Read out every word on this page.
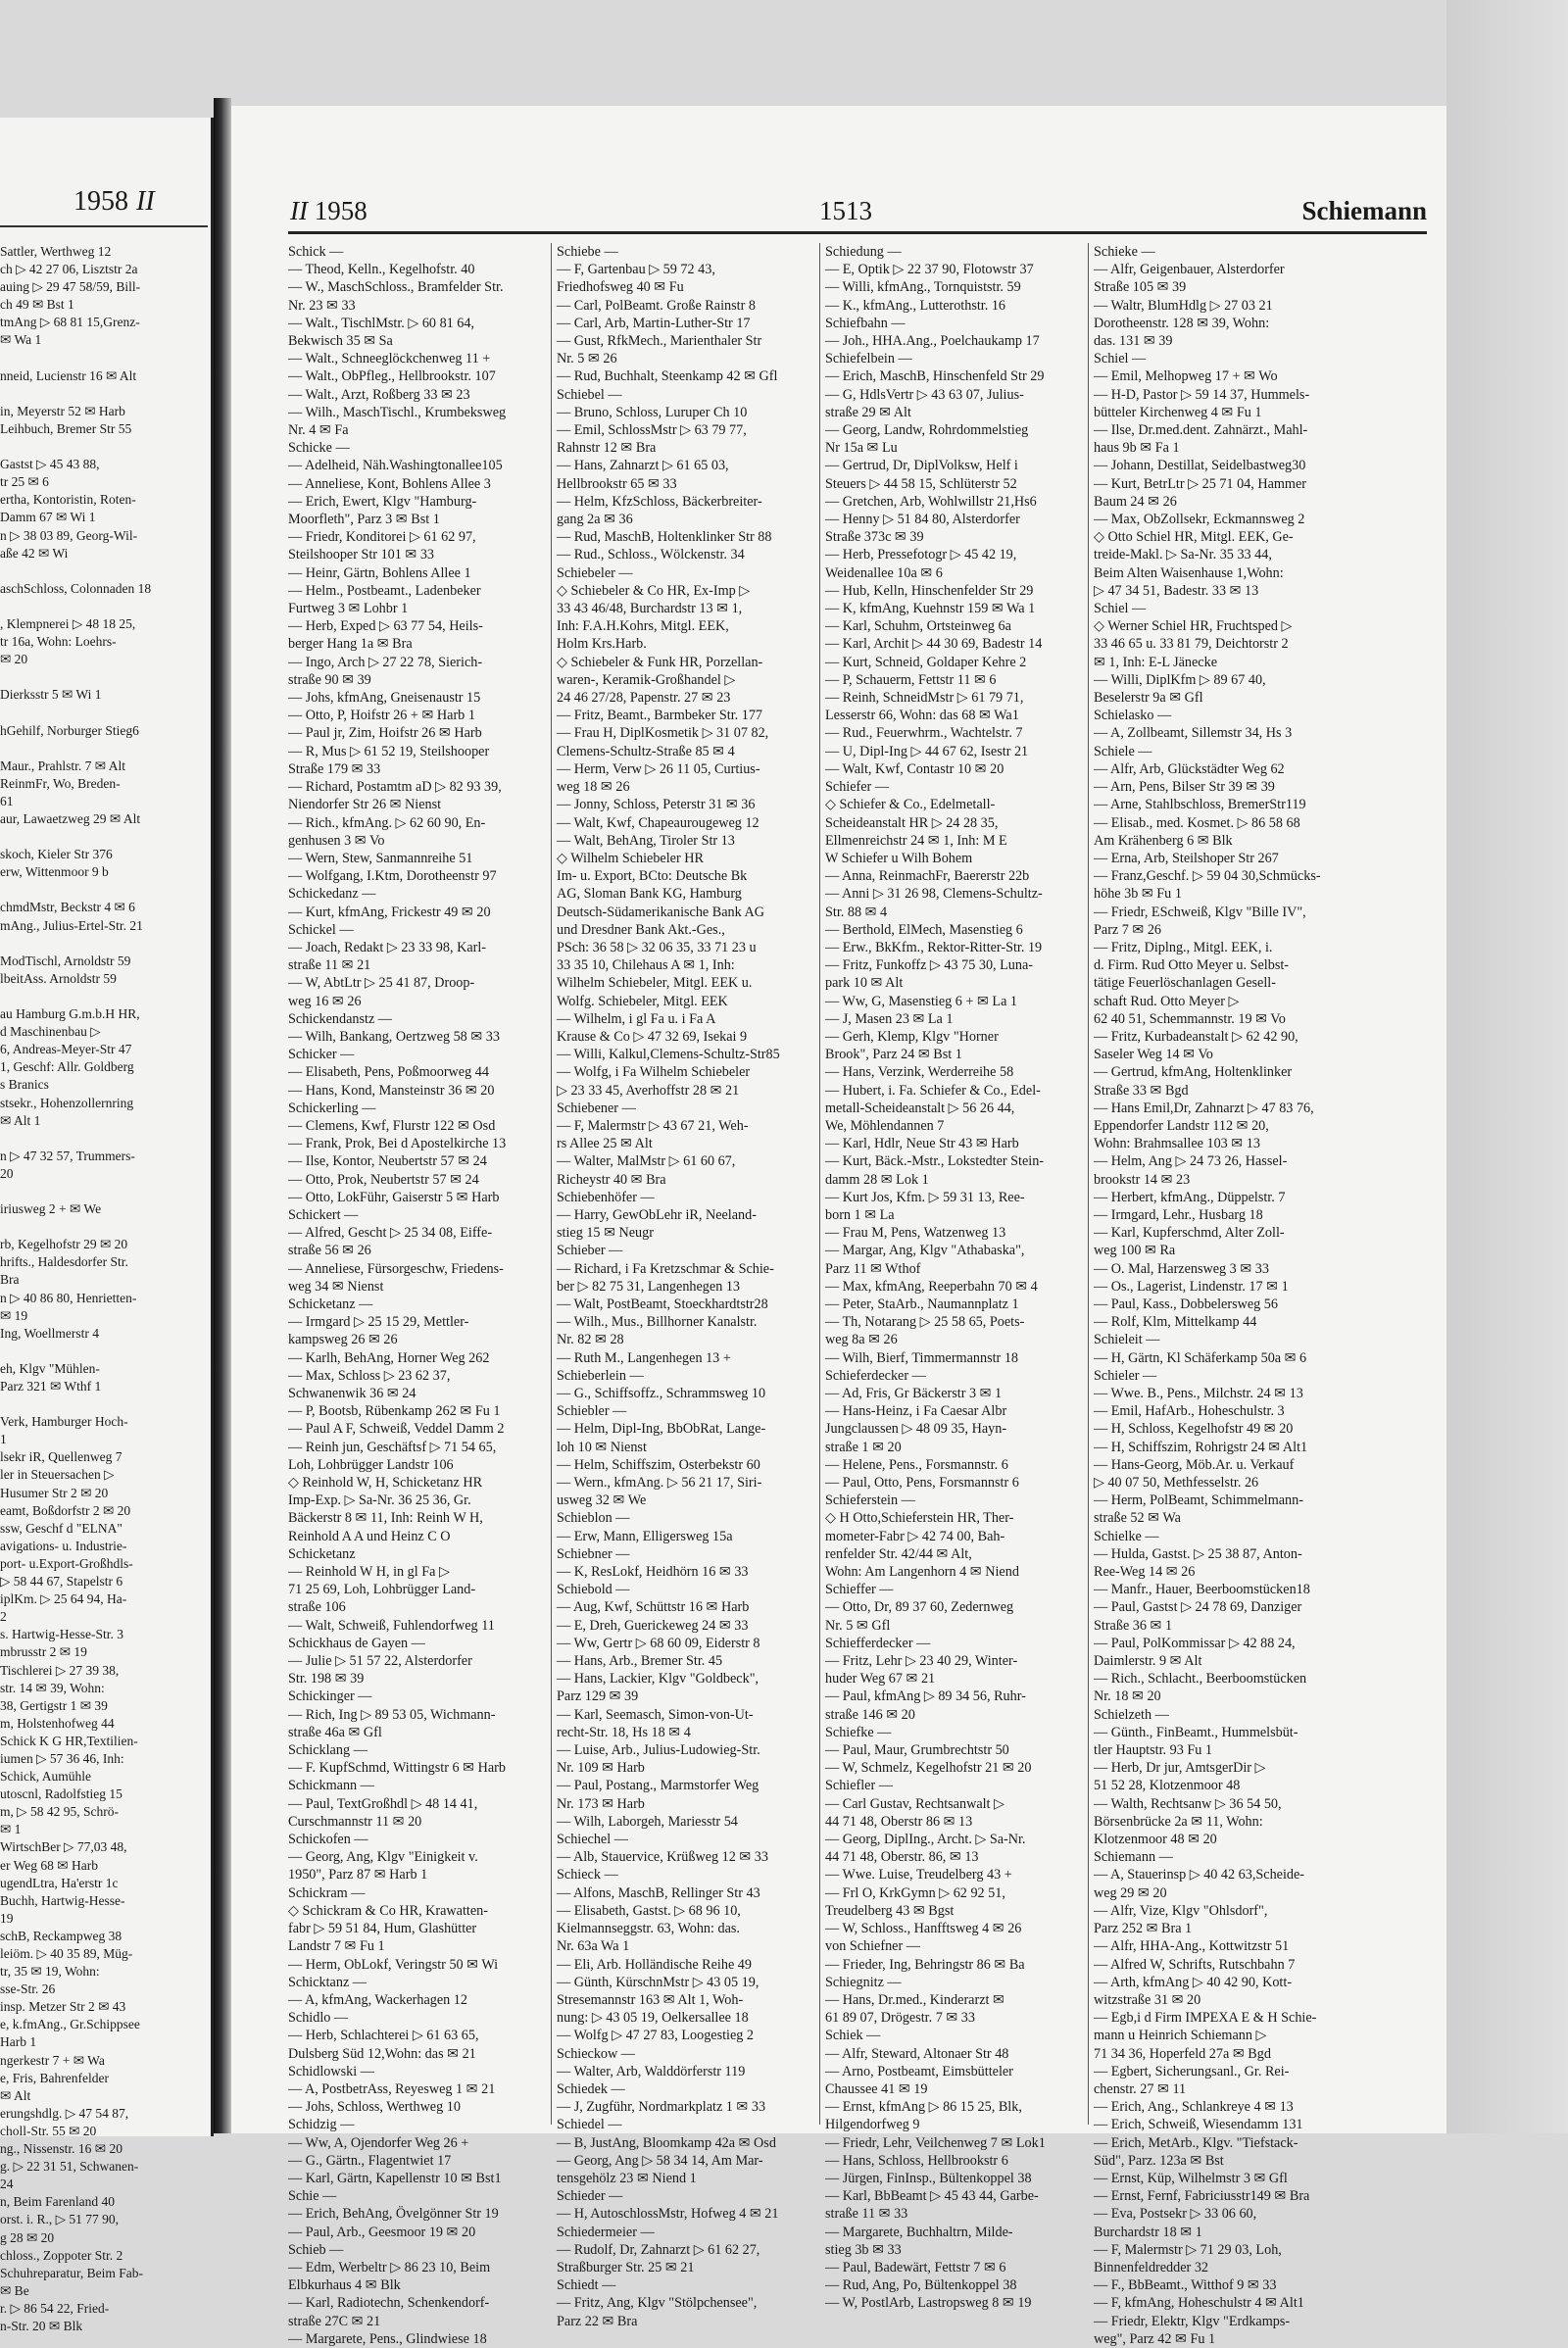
1958 II
Sattler, Werthweg 12
ch ▷ 42 27 06, Lisztstr 2a
auing ▷ 29 47 58/59, Bill-
ch 49 ✉ Bst 1
tmAng ▷ 68 81 15,Grenz-
✉ Wa 1

nneid, Lucienstr 16 ✉ Alt

in, Meyerstr 52 ✉ Harb
Leihbuch, Bremer Str 55

Gastst ▷ 45 43 88,
tr 25 ✉ 6
ertha, Kontoristin, Roten-
Damm 67 ✉ Wi 1
n ▷ 38 03 89, Georg-Wil-
aße 42 ✉ Wi

aschSchloss, Colonnaden 18

, Klempnerei ▷ 48 18 25,
tr 16a, Wohn: Loehrs-
✉ 20

Dierksstr 5 ✉ Wi 1

hGehilf, Norburger Stieg6

Maur., Prahlstr. 7 ✉ Alt
ReinmFr, Wo, Breden-
61
aur, Lawaetzweg 29 ✉ Alt

skoch, Kieler Str 376
erw, Wittenmoor 9 b

chmdMstr, Beckstr 4 ✉ 6
mAng., Julius-Ertel-Str. 21

ModTischl, Arnoldstr 59
lbeitAss. Arnoldstr 59

au Hamburg G.m.b.H HR,
d Maschinenbau ▷
6, Andreas-Meyer-Str 47
1, Geschf: Allr. Goldberg
s Branics
stsekr., Hohenzollernring
✉ Alt 1

n ▷ 47 32 57, Trummers-
20

iriusweg 2 + ✉ We

rb, Kegelhofstr 29 ✉ 20
hrifts., Haldesdorfer Str.
Bra
n ▷ 40 86 80, Henrietten-
✉ 19
Ing, Woellmerstr 4

eh, Klgv "Mühlen-
Parz 321 ✉ Wthf 1

Verk, Hamburger Hoch-
1
lsekr iR, Quellenweg 7
ler in Steuersachen ▷
Husumer Str 2 ✉ 20
eamt, Boßdorfstr 2 ✉ 20
ssw, Geschf d "ELNA"
avigations- u. Industrie-
port- u.Export-Großhdls-
▷ 58 44 67, Stapelstr 6
iplKm. ▷ 25 64 94, Ha-
2
s. Hartwig-Hesse-Str. 3
mbrusstr 2 ✉ 19
Tischlerei ▷ 27 39 38,
str. 14 ✉ 39, Wohn:
38, Gertigstr 1 ✉ 39
m, Holstenhofweg 44
Schick K G HR,Textilien-
iumen ▷ 57 36 46, Inh:
Schick, Aumühle
utoscnl, Radolfstieg 15
m, ▷ 58 42 95, Schrö-
✉ 1
WirtschBer ▷ 77,03 48,
er Weg 68 ✉ Harb
ugendLtra, Ha'erstr 1c
Buchh, Hartwig-Hesse-
19
schB, Reckampweg 38
leiöm. ▷ 40 35 89, Müg-
tr, 35 ✉ 19, Wohn:
sse-Str. 26
insp. Metzer Str 2 ✉ 43
e, k.fmAng., Gr.Schippsee
Harb 1
ngerkestr 7 + ✉ Wa
e, Fris, Bahrenfelder
✉ Alt
erungshdlg. ▷ 47 54 87,
choll-Str. 55 ✉ 20
ng., Nissenstr. 16 ✉ 20
g. ▷ 22 31 51, Schwanen-
24
n, Beim Farenland 40
orst. i. R., ▷ 51 77 90,
g 28 ✉ 20
chloss., Zoppoter Str. 2
Schuhreparatur, Beim Fab-
✉ Be
r. ▷ 86 54 22, Fried-
n-Str. 20 ✉ Blk
II 1958	1513	Schiemann
Schick —
— Theod, Kelln., Kegelhofstr. 40
— W., MaschSchloss., Bramfelder Str.
Nr. 23 ✉ 33
— Walt., TischlMstr. ▷ 60 81 64,
Bekwisch 35 ✉ Sa
— Walt., Schneeglöckchenweg 11 +
— Walt., ObPfleg., Hellbrookstr. 107
— Walt., Arzt, Roßberg 33 ✉ 23
— Wilh., MaschTischl., Krumbeksweg
Nr. 4 ✉ Fa
Schicke —
— Adelheid, Näh.Washingtonallee105
— Anneliese, Kont, Bohlens Allee 3
— Erich, Ewert, Klgv "Hamburg-
Moorfleth", Parz 3 ✉ Bst 1
— Friedr, Konditorei ▷ 61 62 97,
Steilshooper Str 101 ✉ 33
— Heinr, Gärtn, Bohlens Allee 1
— Helm., Postbeamt., Ladenbeker
Furtweg 3 ✉ Lohbr 1
— Herb, Exped ▷ 63 77 54, Heils-
berger Hang 1a ✉ Bra
— Ingo, Arch ▷ 27 22 78, Sierich-
straße 90 ✉ 39
— Johs, kfmAng, Gneisenaustr 15
— Otto, P, Hoifstr 26 + ✉ Harb 1
— Paul jr, Zim, Hoifstr 26 ✉ Harb
— R, Mus ▷ 61 52 19, Steilshooper
Straße 179 ✉ 33
— Richard, Postamtm aD ▷ 82 93 39,
Niendorfer Str 26 ✉ Nienst
— Rich., kfmAng. ▷ 62 60 90, En-
genhusen 3 ✉ Vo
— Wern, Stew, Sanmannreihe 51
— Wolfgang, I.Ktm, Dorotheenstr 97
Schickedanz —
— Kurt, kfmAng, Frickestr 49 ✉ 20
Schickel —
— Joach, Redakt ▷ 23 33 98, Karl-
straße 11 ✉ 21
— W, AbtLtr ▷ 25 41 87, Droop-
weg 16 ✉ 26
Schickendanstz —
— Wilh, Bankang, Oertzweg 58 ✉ 33
Schicker —
— Elisabeth, Pens, Poßmoorweg 44
— Hans, Kond, Mansteinstr 36 ✉ 20
Schickerling —
— Clemens, Kwf, Flurstr 122 ✉ Osd
— Frank, Prok, Bei d Apostelkirche 13
— Ilse, Kontor, Neubertstr 57 ✉ 24
— Otto, Prok, Neubertstr 57 ✉ 24
— Otto, LokFühr, Gaiserstr 5 ✉ Harb
Schickert —
— Alfred, Gescht ▷ 25 34 08, Eiffe-
straße 56 ✉ 26
— Anneliese, Fürsorgeschw, Friedens-
weg 34 ✉ Nienst
Schicketanz —
— Irmgard ▷ 25 15 29, Mettler-
kampsweg 26 ✉ 26
— Karlh, BehAng, Horner Weg 262
— Max, Schloss ▷ 23 62 37,
Schwanenwik 36 ✉ 24
— P, Bootsb, Rübenkamp 262 ✉ Fu 1
— Paul A F, Schweiß, Veddel Damm 2
— Reinh jun, Geschäftsf ▷ 71 54 65,
Loh, Lohbrügger Landstr 106
◇ Reinhold W, H, Schicketanz HR
Imp-Exp. ▷ Sa-Nr. 36 25 36, Gr.
Bäckerstr 8 ✉ 11, Inh: Reinh W H,
Reinhold A A und Heinz C O
Schicketanz
— Reinhold W H, in gl Fa ▷
71 25 69, Loh, Lohbrügger Land-
straße 106
— Walt, Schweiß, Fuhlendorfweg 11
Schickhaus de Gayen —
— Julie ▷ 51 57 22, Alsterdorfer
Str. 198 ✉ 39
Schickinger —
— Rich, Ing ▷ 89 53 05, Wichmann-
straße 46a ✉ Gfl
Schicklang —
— F. KupfSchmd, Wittingstr 6 ✉ Harb
Schickmann —
— Paul, TextGroßhdl ▷ 48 14 41,
Curschmannstr 11 ✉ 20
Schickofen —
— Georg, Ang, Klgv "Einigkeit v.
1950", Parz 87 ✉ Harb 1
Schickram —
◇ Schickram & Co HR, Krawatten-
fabr ▷ 59 51 84, Hum, Glashütter
Landstr 7 ✉ Fu 1
— Herm, ObLokf, Veringstr 50 ✉ Wi
Schicktanz —
— A, kfmAng, Wackerhagen 12
Schidlo —
— Herb, Schlachterei ▷ 61 63 65,
Dulsberg Süd 12,Wohn: das ✉ 21
Schidlowski —
— A, PostbetrAss, Reyesweg 1 ✉ 21
— Johs, Schloss, Werthweg 10
Schidzig —
— Ww, A, Ojendorfer Weg 26 +
— G., Gärtn., Flagentwiet 17
— Karl, Gärtn, Kapellenstr 10 ✉ Bst1
Schie —
— Erich, BehAng, Övelgönner Str 19
— Paul, Arb., Geesmoor 19 ✉ 20
Schieb —
— Edm, Werbeltr ▷ 86 23 10, Beim
Elbkurhaus 4 ✉ Blk
— Karl, Radiotechn, Schenkendorf-
straße 27C ✉ 21
— Margarete, Pens., Glindwiese 18
Schiebe —
— F, Gartenbau ▷ 59 72 43,
Friedhofsweg 40 ✉ Fu
— Carl, PolBeamt. Große Rainstr 8
— Carl, Arb, Martin-Luther-Str 17
— Gust, RfkMech., Marienthaler Str
Nr. 5 ✉ 26
— Rud, Buchhalt, Steenkamp 42 ✉ Gfl
Schiebel —
— Bruno, Schloss, Luruper Ch 10
— Emil, SchlossMstr ▷ 63 79 77,
Rahnstr 12 ✉ Bra
— Hans, Zahnarzt ▷ 61 65 03,
Hellbrookstr 65 ✉ 33
— Helm, KfzSchloss, Bäckerbreiter-
gang 2a ✉ 36
— Rud, MaschB, Holtenklinker Str 88
— Rud., Schloss., Wölckenstr. 34
Schiebeler —
◇ Schiebeler & Co HR, Ex-Imp ▷
33 43 46/48, Burchardstr 13 ✉ 1,
Inh: F.A.H.Kohrs, Mitgl. EEK,
Holm Krs.Harb.
◇ Schiebeler & Funk HR, Porzellan-
waren-, Keramik-Großhandel ▷
24 46 27/28, Papenstr. 27 ✉ 23
— Fritz, Beamt., Barmbeker Str. 177
— Frau H, DiplKosmetik ▷ 31 07 82,
Clemens-Schultz-Straße 85 ✉ 4
— Herm, Verw ▷ 26 11 05, Curtius-
weg 18 ✉ 26
— Jonny, Schloss, Peterstr 31 ✉ 36
— Walt, Kwf, Chapeaurougeweg 12
— Walt, BehAng, Tiroler Str 13
◇ Wilhelm Schiebeler HR
Im- u. Export, BCto: Deutsche Bk
AG, Sloman Bank KG, Hamburg
Deutsch-Südamerikanische Bank AG
und Dresdner Bank Akt.-Ges.,
PSch: 36 58 ▷ 32 06 35, 33 71 23 u
33 35 10, Chilehaus A ✉ 1, Inh:
Wilhelm Schiebeler, Mitgl. EEK u.
Wolfg. Schiebeler, Mitgl. EEK
— Wilhelm, i gl Fa u. i Fa A
Krause & Co ▷ 47 32 69, Isekai 9
— Willi, Kalkul,Clemens-Schultz-Str85
— Wolfg, i Fa Wilhelm Schiebeler
▷ 23 33 45, Averhoffstr 28 ✉ 21
Schiebener —
— F, Malermstr ▷ 43 67 21, Weh-
rs Allee 25 ✉ Alt
— Walter, MalMstr ▷ 61 60 67,
Richeystr 40 ✉ Bra
Schiebenhöfer —
— Harry, GewObLehr iR, Neeland-
stieg 15 ✉ Neugr
Schieber —
— Richard, i Fa Kretzschmar & Schie-
ber ▷ 82 75 31, Langenhegen 13
— Walt, PostBeamt, Stoeckhardtstr28
— Wilh., Mus., Billhorner Kanalstr.
Nr. 82 ✉ 28
— Ruth M., Langenhegen 13 +
Schieberlein —
— G., Schiffsoffz., Schrammsweg 10
Schiebler —
— Helm, Dipl-Ing, BbObRat, Lange-
loh 10 ✉ Nienst
— Helm, Schiffszim, Osterbekstr 60
— Wern., kfmAng. ▷ 56 21 17, Siri-
usweg 32 ✉ We
Schieblon —
— Erw, Mann, Elligersweg 15a
Schiebner —
— K, ResLokf, Heidhörn 16 ✉ 33
Schiebold —
— Aug, Kwf, Schüttstr 16 ✉ Harb
— E, Dreh, Guerickeweg 24 ✉ 33
— Ww, Gertr ▷ 68 60 09, Eiderstr 8
— Hans, Arb., Bremer Str. 45
— Hans, Lackier, Klgv "Goldbeck",
Parz 129 ✉ 39
— Karl, Seemasch, Simon-von-Ut-
recht-Str. 18, Hs 18 ✉ 4
— Luise, Arb., Julius-Ludowieg-Str.
Nr. 109 ✉ Harb
— Paul, Postang., Marmstorfer Weg
Nr. 173 ✉ Harb
— Wilh, Laborgeh, Mariesstr 54
Schiechel —
— Alb, Stauervice, Krüßweg 12 ✉ 33
Schieck —
— Alfons, MaschB, Rellinger Str 43
— Elisabeth, Gastst. ▷ 68 96 10,
Kielmannseggstr. 63, Wohn: das.
Nr. 63a Wa 1
— Eli, Arb. Holländische Reihe 49
— Günth, KürschnMstr ▷ 43 05 19,
Stresemannstr 163 ✉ Alt 1, Woh-
nung: ▷ 43 05 19, Oelkersallee 18
— Wolfg ▷ 47 27 83, Loogestieg 2
Schieckow —
— Walter, Arb, Walddörferstr 119
Schiedek —
— J, Zugführ, Nordmarkplatz 1 ✉ 33
Schiedel —
— B, JustAng, Bloomkamp 42a ✉ Osd
— Georg, Ang ▷ 58 34 14, Am Mar-
tensgehölz 23 ✉ Niend 1
Schieder —
— H, AutoschlossMstr, Hofweg 4 ✉ 21
Schiedermeier —
— Rudolf, Dr, Zahnarzt ▷ 61 62 27,
Straßburger Str. 25 ✉ 21
Schiedt —
— Fritz, Ang, Klgv "Stölpchensee",
Parz 22 ✉ Bra
Schiedung —
— E, Optik ▷ 22 37 90, Flotowstr 37
— Willi, kfmAng., Tornquiststr. 59
— K., kfmAng., Lutterothstr. 16
Schiefbahn —
— Joh., HHA.Ang., Poelchaukamp 17
Schiefelbein —
— Erich, MaschB, Hinschenfeld Str 29
— G, HdlsVertr ▷ 43 63 07, Julius-
straße 29 ✉ Alt
— Georg, Landw, Rohrdommelstieg
Nr 15a ✉ Lu
— Gertrud, Dr, DiplVolksw, Helf i
Steuers ▷ 44 58 15, Schlüterstr 52
— Gretchen, Arb, Wohlwillstr 21,Hs6
— Henny ▷ 51 84 80, Alsterdorfer
Straße 373c ✉ 39
— Herb, Pressefotogr ▷ 45 42 19,
Weidenallee 10a ✉ 6
— Hub, Kelln, Hinschenfelder Str 29
— K, kfmAng, Kuehnstr 159 ✉ Wa 1
— Karl, Schuhm, Ortsteinweg 6a
— Karl, Archit ▷ 44 30 69, Badestr 14
— Kurt, Schneid, Goldaper Kehre 2
— P, Schauerm, Fettstr 11 ✉ 6
— Reinh, SchneidMstr ▷ 61 79 71,
Lesserstr 66, Wohn: das 68 ✉ Wa1
— Rud., Feuerwhrm., Wachtelstr. 7
— U, Dipl-Ing ▷ 44 67 62, Isestr 21
— Walt, Kwf, Contastr 10 ✉ 20
Schiefer —
◇ Schiefer & Co., Edelmetall-
Scheideanstalt HR ▷ 24 28 35,
Ellmenreichstr 24 ✉ 1, Inh: M E
W Schiefer u Wilh Bohem
— Anna, ReinmachFr, Baererstr 22b
— Anni ▷ 31 26 98, Clemens-Schultz-
Str. 88 ✉ 4
— Berthold, ElMech, Masenstieg 6
— Erw., BkKfm., Rektor-Ritter-Str. 19
— Fritz, Funkoffz ▷ 43 75 30, Luna-
park 10 ✉ Alt
— Ww, G, Masenstieg 6 + ✉ La 1
— J, Masen 23 ✉ La 1
— Gerh, Klemp, Klgv "Horner
Brook", Parz 24 ✉ Bst 1
— Hans, Verzink, Werderreihe 58
— Hubert, i. Fa. Schiefer & Co., Edel-
metall-Scheideanstalt ▷ 56 26 44,
We, Möhlendannen 7
— Karl, Hdlr, Neue Str 43 ✉ Harb
— Kurt, Bäck.-Mstr., Lokstedter Stein-
damm 28 ✉ Lok 1
— Kurt Jos, Kfm. ▷ 59 31 13, Ree-
born 1 ✉ La
— Frau M, Pens, Watzenweg 13
— Margar, Ang, Klgv "Athabaska",
Parz 11 ✉ Wthof
— Max, kfmAng, Reeperbahn 70 ✉ 4
— Peter, StaArb., Naumannplatz 1
— Th, Notarang ▷ 25 58 65, Poets-
weg 8a ✉ 26
— Wilh, Bierf, Timmermannstr 18
Schieferdecker —
— Ad, Fris, Gr Bäckerstr 3 ✉ 1
— Hans-Heinz, i Fa Caesar Albr
Jungclaussen ▷ 48 09 35, Hayn-
straße 1 ✉ 20
— Helene, Pens., Forsmannstr. 6
— Paul, Otto, Pens, Forsmannstr 6
Schieferstein —
◇ H Otto,Schieferstein HR, Ther-
mometer-Fabr ▷ 42 74 00, Bah-
renfelder Str. 42/44 ✉ Alt,
Wohn: Am Langenhorn 4 ✉ Niend
Schieffer —
— Otto, Dr, 89 37 60, Zedernweg
Nr. 5 ✉ Gfl
Schiefferdecker —
— Fritz, Lehr ▷ 23 40 29, Winter-
huder Weg 67 ✉ 21
— Paul, kfmAng ▷ 89 34 56, Ruhr-
straße 146 ✉ 20
Schiefke —
— Paul, Maur, Grumbrechtstr 50
— W, Schmelz, Kegelhofstr 21 ✉ 20
Schiefler —
— Carl Gustav, Rechtsanwalt ▷
44 71 48, Oberstr 86 ✉ 13
— Georg, DiplIng., Archt. ▷ Sa-Nr.
44 71 48, Oberstr. 86, ✉ 13
— Wwe. Luise, Treudelberg 43 +
— Frl O, KrkGymn ▷ 62 92 51,
Treudelberg 43 ✉ Bgst
— W, Schloss., Hanfftsweg 4 ✉ 26
von Schiefner —
— Frieder, Ing, Behringstr 86 ✉ Ba
Schiegnitz —
— Hans, Dr.med., Kinderarzt ✉
61 89 07, Drögestr. 7 ✉ 33
Schiek —
— Alfr, Steward, Altonaer Str 48
— Arno, Postbeamt, Eimsbütteler
Chaussee 41 ✉ 19
— Ernst, kfmAng ▷ 86 15 25, Blk,
Hilgendorfweg 9
— Friedr, Lehr, Veilchenweg 7 ✉ Lok1
— Hans, Schloss, Hellbrookstr 6
— Jürgen, FinInsp., Bültenkoppel 38
— Karl, BbBeamt ▷ 45 43 44, Garbe-
straße 11 ✉ 33
— Margarete, Buchhaltrn, Milde-
stieg 3b ✉ 33
— Paul, Badewärt, Fettstr 7 ✉ 6
— Rud, Ang, Po, Bültenkoppel 38
— W, PostlArb, Lastropsweg 8 ✉ 19
Schieke —
— Alfr, Geigenbauer, Alsterdorfer
Straße 105 ✉ 39
— Waltr, BlumHdlg ▷ 27 03 21
Dorotheenstr. 128 ✉ 39, Wohn:
das. 131 ✉ 39
Schiel —
— Emil, Melhopweg 17 + ✉ Wo
— H-D, Pastor ▷ 59 14 37, Hummels-
bütteler Kirchenweg 4 ✉ Fu 1
— Ilse, Dr.med.dent. Zahnärzt., Mahl-
haus 9b ✉ Fa 1
— Johann, Destillat, Seidelbastweg30
— Kurt, BetrLtr ▷ 25 71 04, Hammer
Baum 24 ✉ 26
— Max, ObZollsekr, Eckmannsweg 2
◇ Otto Schiel HR, Mitgl. EEK, Ge-
treide-Makl. ▷ Sa-Nr. 35 33 44,
Beim Alten Waisenhause 1,Wohn:
▷ 47 34 51, Badestr. 33 ✉ 13
Schiel —
◇ Werner Schiel HR, Fruchtsped ▷
33 46 65 u. 33 81 79, Deichtorstr 2
✉ 1, Inh: E-L Jänecke
— Willi, DiplKfm ▷ 89 67 40,
Beselerstr 9a ✉ Gfl
Schielasko —
— A, Zollbeamt, Sillemstr 34, Hs 3
Schiele —
— Alfr, Arb, Glückstädter Weg 62
— Arn, Pens, Bilser Str 39 ✉ 39
— Arne, Stahlbschloss, BremerStr119
— Elisab., med. Kosmet. ▷ 86 58 68
Am Krähenberg 6 ✉ Blk
— Erna, Arb, Steilshoper Str 267
— Franz,Geschf. ▷ 59 04 30,Schmücks-
höhe 3b ✉ Fu 1
— Friedr, ESchweiß, Klgv "Bille IV",
Parz 7 ✉ 26
— Fritz, Diplng., Mitgl. EEK, i.
d. Firm. Rud Otto Meyer u. Selbst-
tätige Feuerlöschanlagen Gesell-
schaft Rud. Otto Meyer ▷
62 40 51, Schemmannstr. 19 ✉ Vo
— Fritz, Kurbadeanstalt ▷ 62 42 90,
Saseler Weg 14 ✉ Vo
— Gertrud, kfmAng, Holtenklinker
Straße 33 ✉ Bgd
— Hans Emil,Dr, Zahnarzt ▷ 47 83 76,
Eppendorfer Landstr 112 ✉ 20,
Wohn: Brahmsallee 103 ✉ 13
— Helm, Ang ▷ 24 73 26, Hassel-
brookstr 14 ✉ 23
— Herbert, kfmAng., Düppelstr. 7
— Irmgard, Lehr., Husbarg 18
— Karl, Kupferschmd, Alter Zoll-
weg 100 ✉ Ra
— O. Mal, Harzensweg 3 ✉ 33
— Os., Lagerist, Lindenstr. 17 ✉ 1
— Paul, Kass., Dobbelersweg 56
— Rolf, Klm, Mittelkamp 44
Schieleit —
— H, Gärtn, Kl Schäferkamp 50a ✉ 6
Schieler —
— Wwe. B., Pens., Milchstr. 24 ✉ 13
— Emil, HafArb., Hoheschulstr. 3
— H, Schloss, Kegelhofstr 49 ✉ 20
— H, Schiffszim, Rohrigstr 24 ✉ Alt1
— Hans-Georg, Möb.Ar. u. Verkauf
▷ 40 07 50, Methfesselstr. 26
— Herm, PolBeamt, Schimmelmann-
straße 52 ✉ Wa
Schielke —
— Hulda, Gastst. ▷ 25 38 87, Anton-
Ree-Weg 14 ✉ 26
— Manfr., Hauer, Beerboomstücken18
— Paul, Gastst ▷ 24 78 69, Danziger
Straße 36 ✉ 1
— Paul, PolKommissar ▷ 42 88 24,
Daimlerstr. 9 ✉ Alt
— Rich., Schlacht., Beerboomstücken
Nr. 18 ✉ 20
Schielzeth —
— Günth., FinBeamt., Hummelsbüt-
tler Hauptstr. 93 Fu 1
— Herb, Dr jur, AmtsgerDir ▷
51 52 28, Klotzenmoor 48
— Walth, Rechtsanw ▷ 36 54 50,
Börsenbrücke 2a ✉ 11, Wohn:
Klotzenmoor 48 ✉ 20
Schiemann —
— A, Stauerinsp ▷ 40 42 63,Scheide-
weg 29 ✉ 20
— Alfr, Vize, Klgv "Ohlsdorf",
Parz 252 ✉ Bra 1
— Alfr, HHA-Ang., Kottwitzstr 51
— Alfred W, Schrifts, Rutschbahn 7
— Arth, kfmAng ▷ 40 42 90, Kott-
witzstraße 31 ✉ 20
— Egb,i d Firm IMPEXA E & H Schie-
mann u Heinrich Schiemann ▷
71 34 36, Hoperfeld 27a ✉ Bgd
— Egbert, Sicherungsanl., Gr. Rei-
chenstr. 27 ✉ 11
— Erich, Ang., Schlankreye 4 ✉ 13
— Erich, Schweiß, Wiesendamm 131
— Erich, MetArb., Klgv. "Tiefstack-
Süd", Parz. 123a ✉ Bst
— Ernst, Küp, Wilhelmstr 3 ✉ Gfl
— Ernst, Fernf, Fabriciusstr149 ✉ Bra
— Eva, Postsekr ▷ 33 06 60,
Burchardstr 18 ✉ 1
— F, Malermstr ▷ 71 29 03, Loh,
Binnenfeldredder 32
— F., BbBeamt., Witthof 9 ✉ 33
— F, kfmAng, Hoheschulstr 4 ✉ Alt1
— Friedr, Elektr, Klgv "Erdkamps-
weg", Parz 42 ✉ Fu 1
